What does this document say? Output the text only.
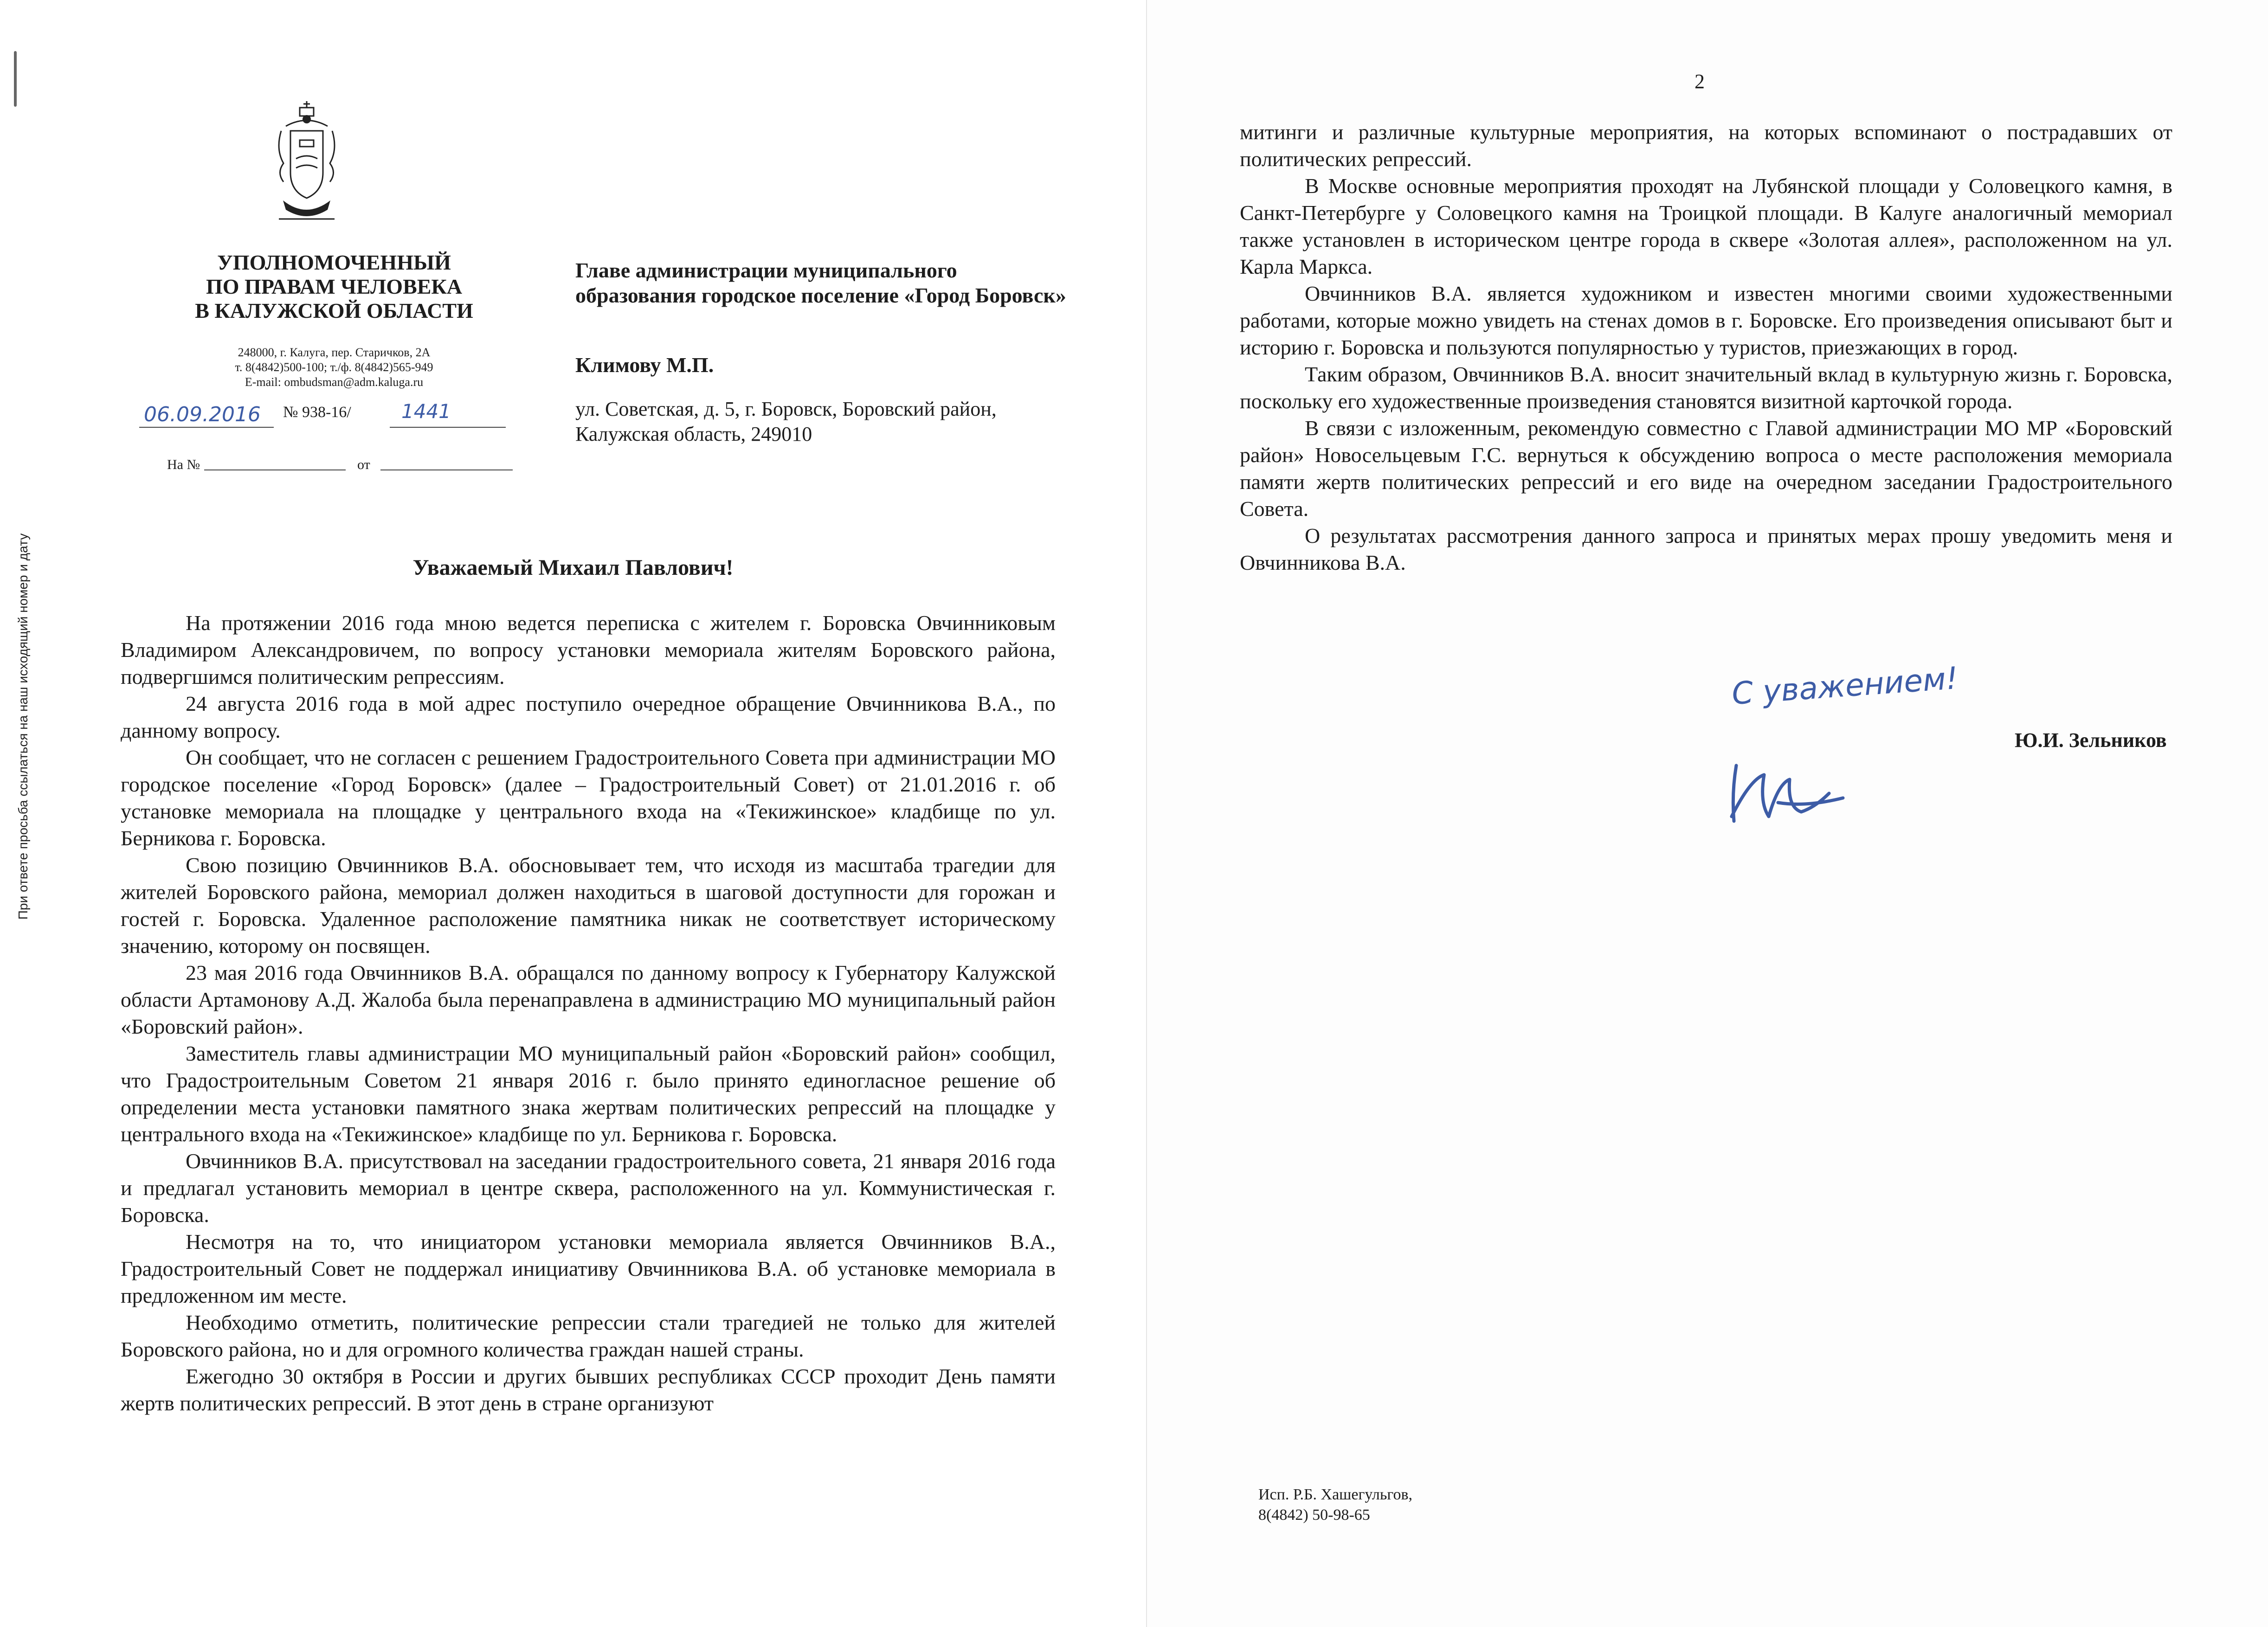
УПОЛНОМОЧЕННЫЙ
ПО ПРАВАМ ЧЕЛОВЕКА
В КАЛУЖСКОЙ ОБЛАСТИ
248000, г. Калуга, пер. Старичков, 2А
т. 8(4842)500-100; т./ф. 8(4842)565-949
E-mail: ombudsman@adm.kaluga.ru
06.09.2016 № 938-16/	1441
На №	от
Главе администрации муниципального образования городское поселение «Город Боровск»
Климову М.П.
ул. Советская, д. 5, г. Боровск, Боровский район, Калужская область, 249010
Уважаемый Михаил Павлович!
При ответе просьба ссылаться на наш исходящий номер и дату	На протяжении 2016 года мною ведется переписка с жителем г. Боровска Овчинниковым Владимиром Александровичем, по вопросу установки мемориала жителям Боровского района, подвергшимся политическим репрессиям.

24 августа 2016 года в мой адрес поступило очередное обращение Овчинникова В.А., по данному вопросу.

Он сообщает, что не согласен с решением Градостроительного Совета при администрации МО городское поселение «Город Боровск» (далее – Градостроительный Совет) от 21.01.2016 г. об установке мемориала на площадке у центрального входа на «Текижинское» кладбище по ул. Берникова г. Боровска.

Свою позицию Овчинников В.А. обосновывает тем, что исходя из масштаба трагедии для жителей Боровского района, мемориал должен находиться в шаговой доступности для горожан и гостей г. Боровска. Удаленное расположение памятника никак не соответствует историческому значению, которому он посвящен.

23 мая 2016 года Овчинников В.А. обращался по данному вопросу к Губернатору Калужской области Артамонову А.Д. Жалоба была перенаправлена в администрацию МО муниципальный район «Боровский район».

Заместитель главы администрации МО муниципальный район «Боровский район» сообщил, что Градостроительным Советом 21 января 2016 г. было принято единогласное решение об определении места установки памятного знака жертвам политических репрессий на площадке у центрального входа на «Текижинское» кладбище по ул. Берникова г. Боровска.

Овчинников В.А. присутствовал на заседании градостроительного совета, 21 января 2016 года и предлагал установить мемориал в центре сквера, расположенного на ул. Коммунистическая г. Боровска.

Несмотря на то, что инициатором установки мемориала является Овчинников В.А., Градостроительный Совет не поддержал инициативу Овчинникова В.А. об установке мемориала в предложенном им месте.

Необходимо отметить, политические репрессии стали трагедией не только для жителей Боровского района, но и для огромного количества граждан нашей страны.

Ежегодно 30 октября в России и других бывших республиках СССР проходит День памяти жертв политических репрессий. В этот день в стране организуют

2

митинги и различные культурные мероприятия, на которых вспоминают о пострадавших от политических репрессий.

В Москве основные мероприятия проходят на Лубянской площади у Соловецкого камня, в Санкт-Петербурге у Соловецкого камня на Троицкой площади. В Калуге аналогичный мемориал также установлен в историческом центре города в сквере «Золотая аллея», расположенном на ул. Карла Маркса.

Овчинников В.А. является художником и известен многими своими художественными работами, которые можно увидеть на стенах домов в г. Боровске. Его произведения описывают быт и историю г. Боровска и пользуются популярностью у туристов, приезжающих в город.

Таким образом, Овчинников В.А. вносит значительный вклад в культурную жизнь г. Боровска, поскольку его художественные произведения становятся визитной карточкой города.

В связи с изложенным, рекомендую совместно с Главой администрации МО МР «Боровский район» Новосельцевым Г.С. вернуться к обсуждению вопроса о месте расположения мемориала памяти жертв политических репрессий и его виде на очередном заседании Градостроительного Совета.

О результатах рассмотрения данного запроса и принятых мерах прошу уведомить меня и Овчинникова В.А.

С уважением!
Ю.И. Зельников
Исп. Р.Б. Хашегульгов,
8(4842) 50-98-65
